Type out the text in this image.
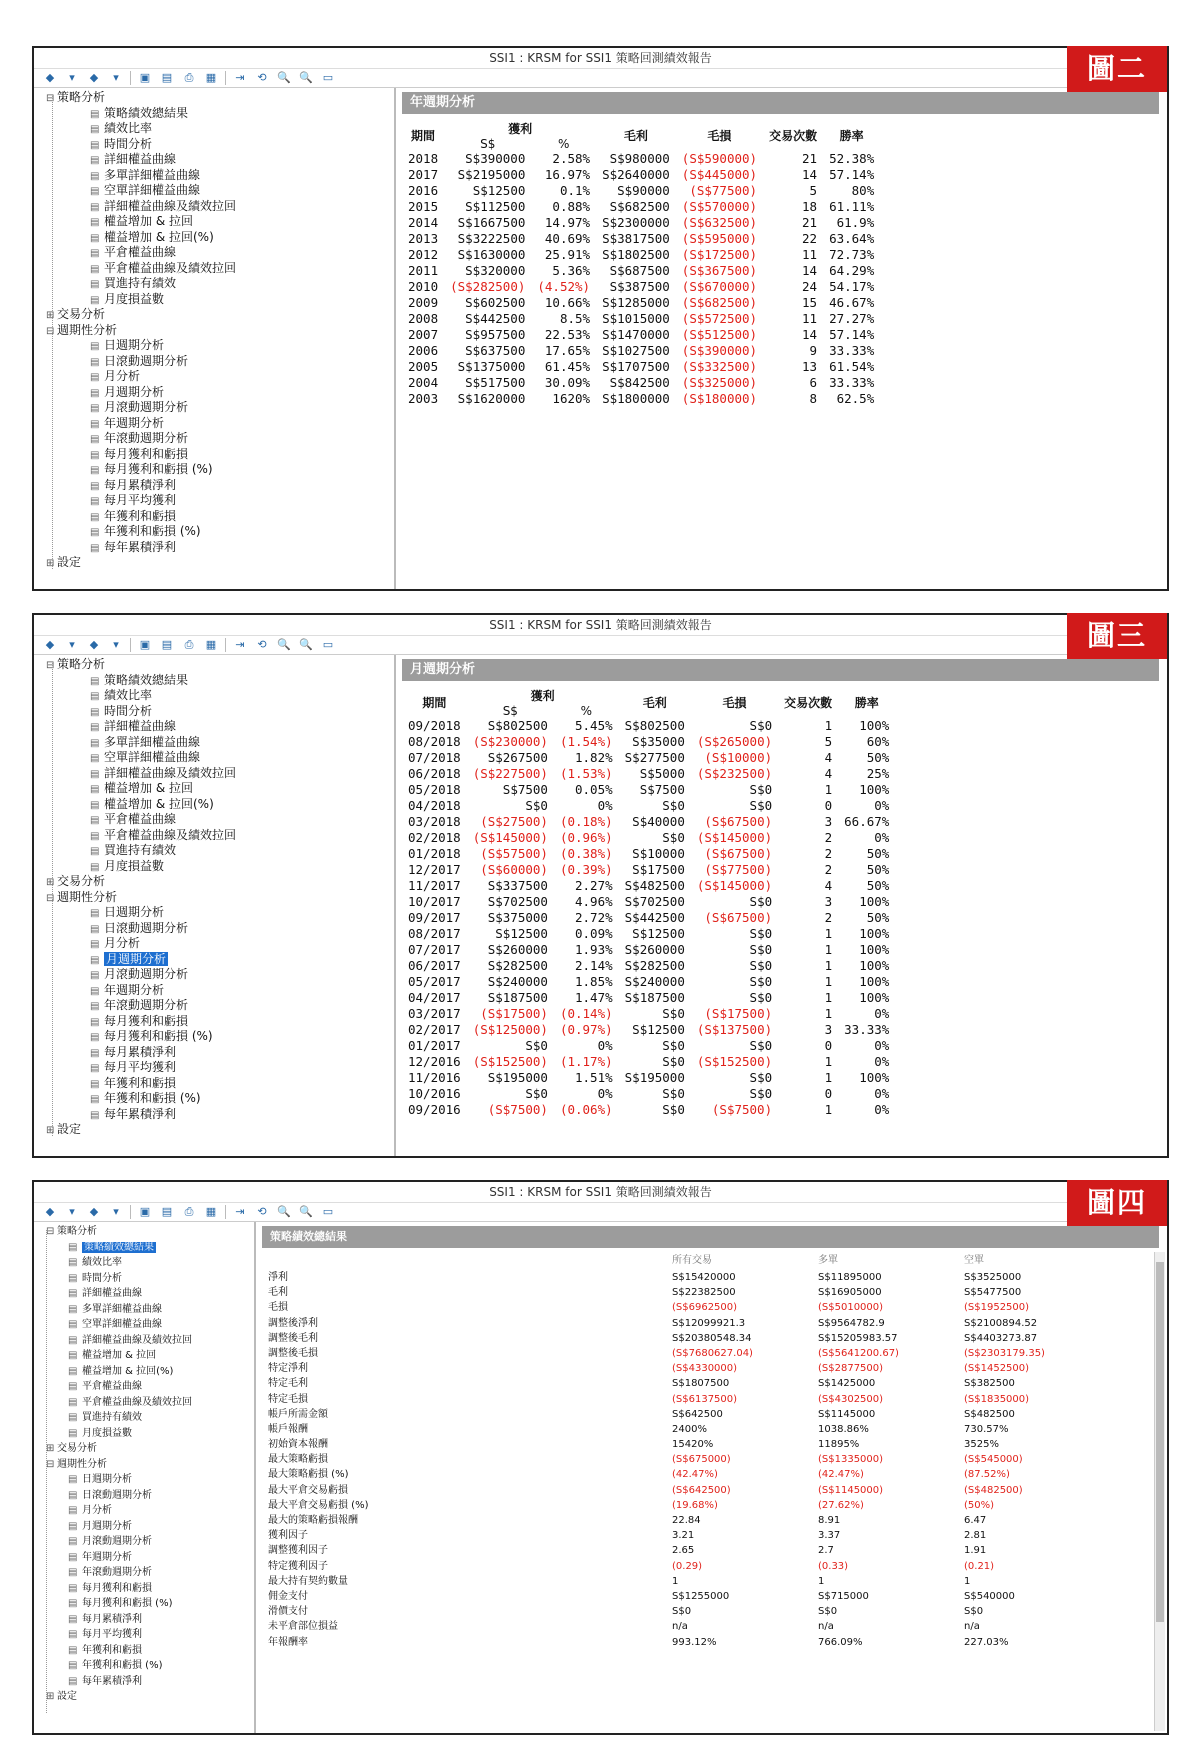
SSI1 : KRSM for SSI1 策略回測績效報告	圖二
◆	▾	◆	▾	▣ ▤	⎙	▦	⇥	⟲ 🔍 🔍 ▭
⊟ 策略分析
▤ 策略績效總結果
▤ 績效比率
▤ 時間分析
▤ 詳細權益曲線
▤ 多單詳細權益曲線
▤ 空單詳細權益曲線
▤ 詳細權益曲線及績效拉回
▤ 權益增加 & 拉回
▤ 權益增加 & 拉回(%)
▤ 平倉權益曲線
▤ 平倉權益曲線及績效拉回
▤ 買進持有績效
▤ 月度損益數
⊞ 交易分析
⊟ 週期性分析
▤ 日週期分析
▤ 日滾動週期分析
▤ 月分析
▤ 月週期分析
▤ 月滾動週期分析
▤ 年週期分析
▤ 年滾動週期分析
▤ 每月獲利和虧損
▤ 每月獲利和虧損 (%)
▤ 每月累積淨利
▤ 每月平均獲利
▤ 年獲利和虧損
▤ 年獲利和虧損 (%)
▤ 每年累積淨利
⊞ 設定
年週期分析
期間	獲利		毛利	毛損	交易次數	勝率
	S$	%				
2018	S$390000	2.58%	S$980000	(S$590000)	21	52.38%
2017	S$2195000	16.97%	S$2640000	(S$445000)	14	57.14%
2016	S$12500	0.1%	S$90000	(S$77500)	5	80%
2015	S$112500	0.88%	S$682500	(S$570000)	18	61.11%
2014	S$1667500	14.97%	S$2300000	(S$632500)	21	61.9%
2013	S$3222500	40.69%	S$3817500	(S$595000)	22	63.64%
2012	S$1630000	25.91%	S$1802500	(S$172500)	11	72.73%
2011	S$320000	5.36%	S$687500	(S$367500)	14	64.29%
2010	(S$282500)	(4.52%)	S$387500	(S$670000)	24	54.17%
2009	S$602500	10.66%	S$1285000	(S$682500)	15	46.67%
2008	S$442500	8.5%	S$1015000	(S$572500)	11	27.27%
2007	S$957500	22.53%	S$1470000	(S$512500)	14	57.14%
2006	S$637500	17.65%	S$1027500	(S$390000)	9	33.33%
2005	S$1375000	61.45%	S$1707500	(S$332500)	13	61.54%
2004	S$517500	30.09%	S$842500	(S$325000)	6	33.33%
2003	S$1620000	1620%	S$1800000	(S$180000)	8	62.5%
SSI1 : KRSM for SSI1 策略回測績效報告	圖三
◆	▾	◆	▾	▣ ▤	⎙	▦	⇥	⟲ 🔍 🔍 ▭
⊟ 策略分析
▤ 策略績效總結果
▤ 績效比率
▤ 時間分析
▤ 詳細權益曲線
▤ 多單詳細權益曲線
▤ 空單詳細權益曲線
▤ 詳細權益曲線及績效拉回
▤ 權益增加 & 拉回
▤ 權益增加 & 拉回(%)
▤ 平倉權益曲線
▤ 平倉權益曲線及績效拉回
▤ 買進持有績效
▤ 月度損益數
⊞ 交易分析
⊟ 週期性分析
▤ 日週期分析
▤ 日滾動週期分析
▤ 月分析
▤ 月週期分析
▤ 月滾動週期分析
▤ 年週期分析
▤ 年滾動週期分析
▤ 每月獲利和虧損
▤ 每月獲利和虧損 (%)
▤ 每月累積淨利
▤ 每月平均獲利
▤ 年獲利和虧損
▤ 年獲利和虧損 (%)
▤ 每年累積淨利
⊞ 設定
月週期分析
期間	獲利		毛利	毛損	交易次數	勝率
	S$	%				
09/2018	S$802500	5.45%	S$802500	S$0	1	100%
08/2018	(S$230000)	(1.54%)	S$35000	(S$265000)	5	60%
07/2018	S$267500	1.82%	S$277500	(S$10000)	4	50%
06/2018	(S$227500)	(1.53%)	S$5000	(S$232500)	4	25%
05/2018	S$7500	0.05%	S$7500	S$0	1	100%
04/2018	S$0	0%	S$0	S$0	0	0%
03/2018	(S$27500)	(0.18%)	S$40000	(S$67500)	3	66.67%
02/2018	(S$145000)	(0.96%)	S$0	(S$145000)	2	0%
01/2018	(S$57500)	(0.38%)	S$10000	(S$67500)	2	50%
12/2017	(S$60000)	(0.39%)	S$17500	(S$77500)	2	50%
11/2017	S$337500	2.27%	S$482500	(S$145000)	4	50%
10/2017	S$702500	4.96%	S$702500	S$0	3	100%
09/2017	S$375000	2.72%	S$442500	(S$67500)	2	50%
08/2017	S$12500	0.09%	S$12500	S$0	1	100%
07/2017	S$260000	1.93%	S$260000	S$0	1	100%
06/2017	S$282500	2.14%	S$282500	S$0	1	100%
05/2017	S$240000	1.85%	S$240000	S$0	1	100%
04/2017	S$187500	1.47%	S$187500	S$0	1	100%
03/2017	(S$17500)	(0.14%)	S$0	(S$17500)	1	0%
02/2017	(S$125000)	(0.97%)	S$12500	(S$137500)	3	33.33%
01/2017	S$0	0%	S$0	S$0	0	0%
12/2016	(S$152500)	(1.17%)	S$0	(S$152500)	1	0%
11/2016	S$195000	1.51%	S$195000	S$0	1	100%
10/2016	S$0	0%	S$0	S$0	0	0%
09/2016	(S$7500)	(0.06%)	S$0	(S$7500)	1	0%
SSI1 : KRSM for SSI1 策略回測績效報告	圖四
◆	▾	◆	▾	▣ ▤	⎙	▦	⇥	⟲ 🔍 🔍 ▭
⊟ 策略分析
▤ 策略績效總結果
▤ 績效比率
▤ 時間分析
▤ 詳細權益曲線
▤ 多單詳細權益曲線
▤ 空單詳細權益曲線
▤ 詳細權益曲線及績效拉回
▤ 權益增加 & 拉回
▤ 權益增加 & 拉回(%)
▤ 平倉權益曲線
▤ 平倉權益曲線及績效拉回
▤ 買進持有績效
▤ 月度損益數
⊞ 交易分析
⊟ 週期性分析
▤ 日週期分析
▤ 日滾動週期分析
▤ 月分析
▤ 月週期分析
▤ 月滾動週期分析
▤ 年週期分析
▤ 年滾動週期分析
▤ 每月獲利和虧損
▤ 每月獲利和虧損 (%)
▤ 每月累積淨利
▤ 每月平均獲利
▤ 年獲利和虧損
▤ 年獲利和虧損 (%)
▤ 每年累積淨利
⊞ 設定
策略績效總結果
所有交易	多單	空單
淨利	S$15420000	S$11895000	S$3525000
毛利	S$22382500	S$16905000	S$5477500
毛損	(S$6962500)	(S$5010000)	(S$1952500)
調整後淨利	S$12099921.3	S$9564782.9	S$2100894.52
調整後毛利	S$20380548.34	S$15205983.57	S$4403273.87
調整後毛損	(S$7680627.04)	(S$5641200.67)	(S$2303179.35)
特定淨利	(S$4330000)	(S$2877500)	(S$1452500)
特定毛利	S$1807500	S$1425000	S$382500
特定毛損	(S$6137500)	(S$4302500)	(S$1835000)
帳戶所需金額	S$642500	S$1145000	S$482500
帳戶報酬	2400%	1038.86%	730.57%
初始資本報酬	15420%	11895%	3525%
最大策略虧損	(S$675000)	(S$1335000)	(S$545000)
最大策略虧損 (%)	(42.47%)	(42.47%)	(87.52%)
最大平倉交易虧損	(S$642500)	(S$1145000)	(S$482500)
最大平倉交易虧損 (%)	(19.68%)	(27.62%)	(50%)
最大的策略虧損報酬	22.84	8.91	6.47
獲利因子	3.21	3.37	2.81
調整獲利因子	2.65	2.7	1.91
特定獲利因子	(0.29)	(0.33)	(0.21)
最大持有契約數量	1	1	1
佣金支付	S$1255000	S$715000	S$540000
滑價支付	S$0	S$0	S$0
未平倉部位損益	n/a	n/a	n/a
年報酬率	993.12%	766.09%	227.03%
